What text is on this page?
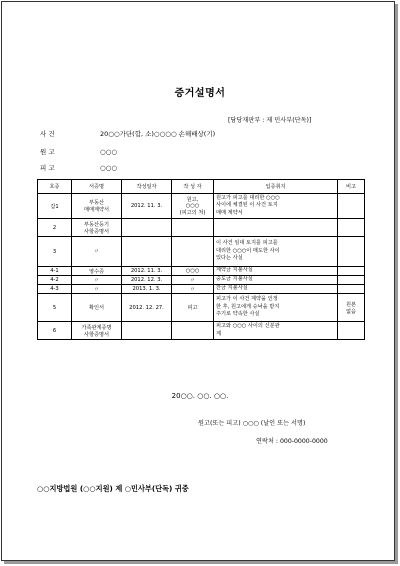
증거설명서
[담당재판부 : 제 민사부(단독)]
사 건	20○○가단(합, 소)○○○○ 손해배상(기)
원 고	○○○
피 고	○○○
호증	서증명	작성일자	작 성 자	입증취지	비고
갑1	부동산
매매계약서	2012. 11. 3.	원고,
○○○
(피고의 처)	원고가 피고를 대리한 ○○○
사이에 체결된 이 사건 토지
매매 계약서	
2	부동산등기
사항증명서				
3	〃			이 사건 임대 토지를 피고를
대리한 ○○○이 매도한 사이
있다는 사실	
4-1	영수증	2012. 11. 3.	○○○	계약금 지불사실	
4-2	〃	2012. 12. 3.	〃	중도금 지불사실	
4-3	〃	2013. 1. 3.	〃	잔금 지불사실	
5	확인서	2012. 12. 27.	피고	피고가 이 사건 계약을 인정
한 후, 원고에게 승낙을 받지
주기로 약속한 사실	원본
없음
6	가족관계증명
사항증명서			피고와 ○○○ 사이의 신분관
계	
20○○. ○○. ○○.
원고(또는 피고) ○○○ (날인 또는 서명)
연락처 : 000-0000-0000
○○지방법원 (○○지원) 제 ○민사부(단독) 귀중
